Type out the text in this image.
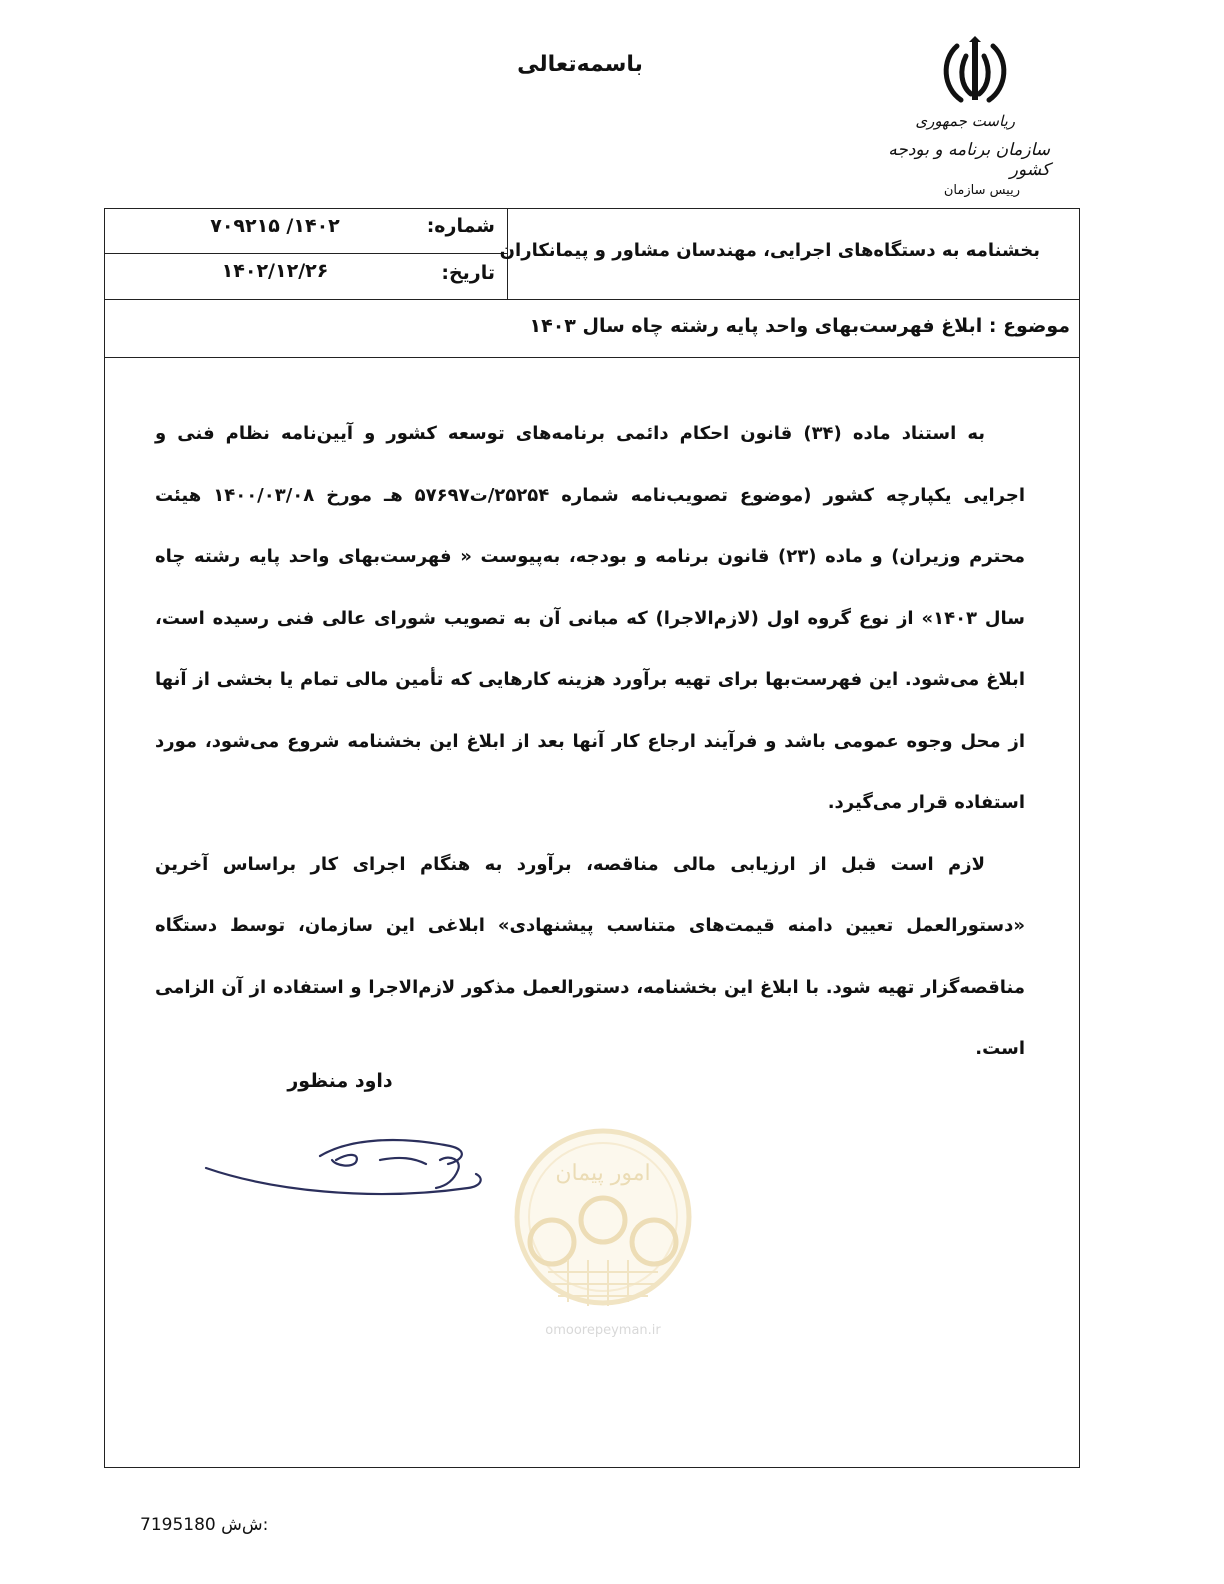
باسمه‌تعالی
ریاست جمهوری
سازمان برنامه و بودجه کشور
رییس سازمان
شماره:
۱۴۰۲/ ۷۰۹۲۱۵
تاریخ:
۱۴۰۲/۱۲/۲۶
بخشنامه به دستگاه‌های اجرایی، مهندسان مشاور و پیمانکاران
موضوع : ابلاغ فهرست‌بهای واحد پایه رشته چاه سال ۱۴۰۳

به استناد ماده (۳۴) قانون احکام دائمی برنامه‌های توسعه کشور و آیین‌نامه نظام فنی و اجرایی یکپارچه کشور (موضوع تصویب‌نامه شماره ۲۵۲۵۴/ت۵۷۶۹۷ هـ مورخ ۱۴۰۰/۰۳/۰۸ هیئت محترم وزیران) و ماده (۲۳) قانون برنامه و بودجه، به‌پیوست « فهرست‌بهای واحد پایه رشته چاه سال ۱۴۰۳» از نوع گروه اول (لازم‌الاجرا) که مبانی آن به تصویب شورای عالی فنی رسیده است، ابلاغ می‌شود. این فهرست‌بها برای تهیه برآورد هزینه کارهایی که تأمین مالی تمام یا بخشی از آنها از محل وجوه عمومی باشد و فرآیند ارجاع کار آنها بعد از ابلاغ این بخشنامه شروع می‌شود، مورد استفاده قرار می‌گیرد.

لازم است قبل از ارزیابی مالی مناقصه، برآورد به هنگام اجرای کار براساس آخرین «دستورالعمل تعیین دامنه قیمت‌های متناسب پیشنهادی» ابلاغی این سازمان، توسط دستگاه مناقصه‌گزار تهیه شود. با ابلاغ این بخشنامه، دستورالعمل مذکور لازم‌الاجرا و استفاده از آن الزامی است.

داود منظور
امور پیمان
omoorepeyman.ir
7195180 ش‌ش:
